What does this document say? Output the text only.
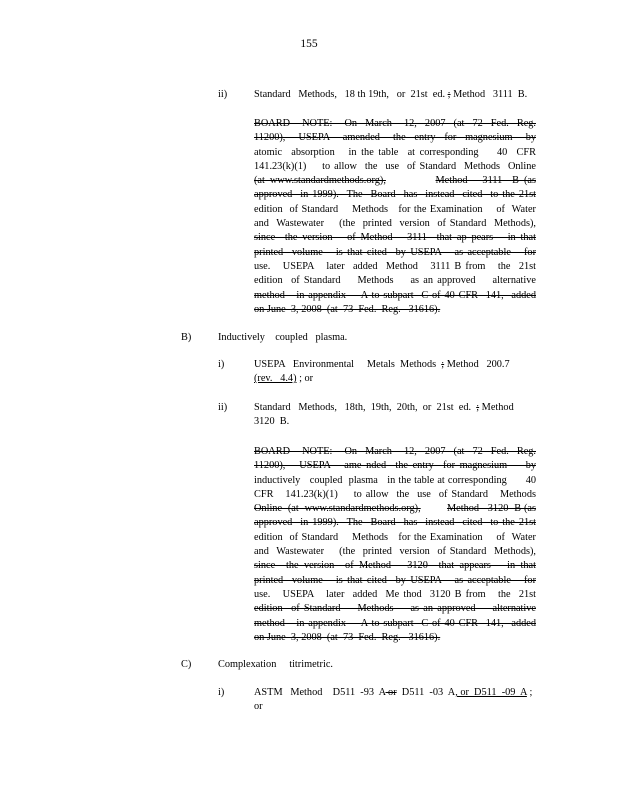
155
ii)	Standard   Methods,   18 th 19th,   or  21st  ed. ; Method   3111  B.
BOARD   NOTE:   On  March   12,  2007  (at  72  Fed.  Reg.
11200),   USEPA   amended   the  entry  for  magnesium   by
atomic  absorption   in the table  at corresponding    40  CFR
141.23(k)(1)    to allow  the  use  of Standard  Methods  Online
(at www.standardmethods.org),	Method   3111  B (as
approved  in 1999).  The  Board  has  instead  cited  to the 21st
edition  of Standard    Methods   for the Examination    of  Water
and  Wastewater    (the  printed  version  of Standard  Methods),
since  the version   of Method   3111  that ap pears   in that
printed  volume   is that cited  by USEPA   as acceptable   for
use.   USEPA   later  added  Method   3111 B from   the  21st
edition  of Standard    Methods    as an approved    alternative
method   in appendix    A to subpart  C of 40 CFR  141,  added
on June  3, 2008  (at  73  Fed.  Reg.   31616).
B)	Inductively    coupled   plasma.
i)	USEPA   Environmental     Metals  Methods  ; Method   200.7
(rev.   4.4) ; or
ii)	Standard   Methods,   18th,  19th,  20th,  or  21st  ed.  ; Method
3120  B.
BOARD   NOTE:   On  March   12,  2007  (at  72  Fed.  Reg.
11200),   USEPA   ame nded  the entry  for magnesium    by
inductively   coupled  plasma   in the table at corresponding      40
CFR   141.23(k)(1)    to allow  the  use  of Standard   Methods
Online  (at  www.standardmethods.org),	Method   3120  B (as
approved  in 1999).  The  Board  has  instead  cited  to the 21st
edition  of Standard    Methods   for the Examination    of  Water
and  Wastewater    (the  printed  version  of Standard  Methods),
since  the version  of Method   3120  that appears   in that
printed  volume   is that cited  by USEPA   as acceptable   for
use.   USEPA   later  added  Me thod  3120 B from   the  21st
edition  of Standard    Methods    as an approved    alternative
method   in appendix    A to subpart  C of 40 CFR  141,  added
on June  3, 2008  (at  73  Fed.  Reg.   31616).
C)	Complexation     titrimetric.
i)	ASTM   Method    D511  -93  A or  D511  -03  A, or  D511  -09  A ;
or
